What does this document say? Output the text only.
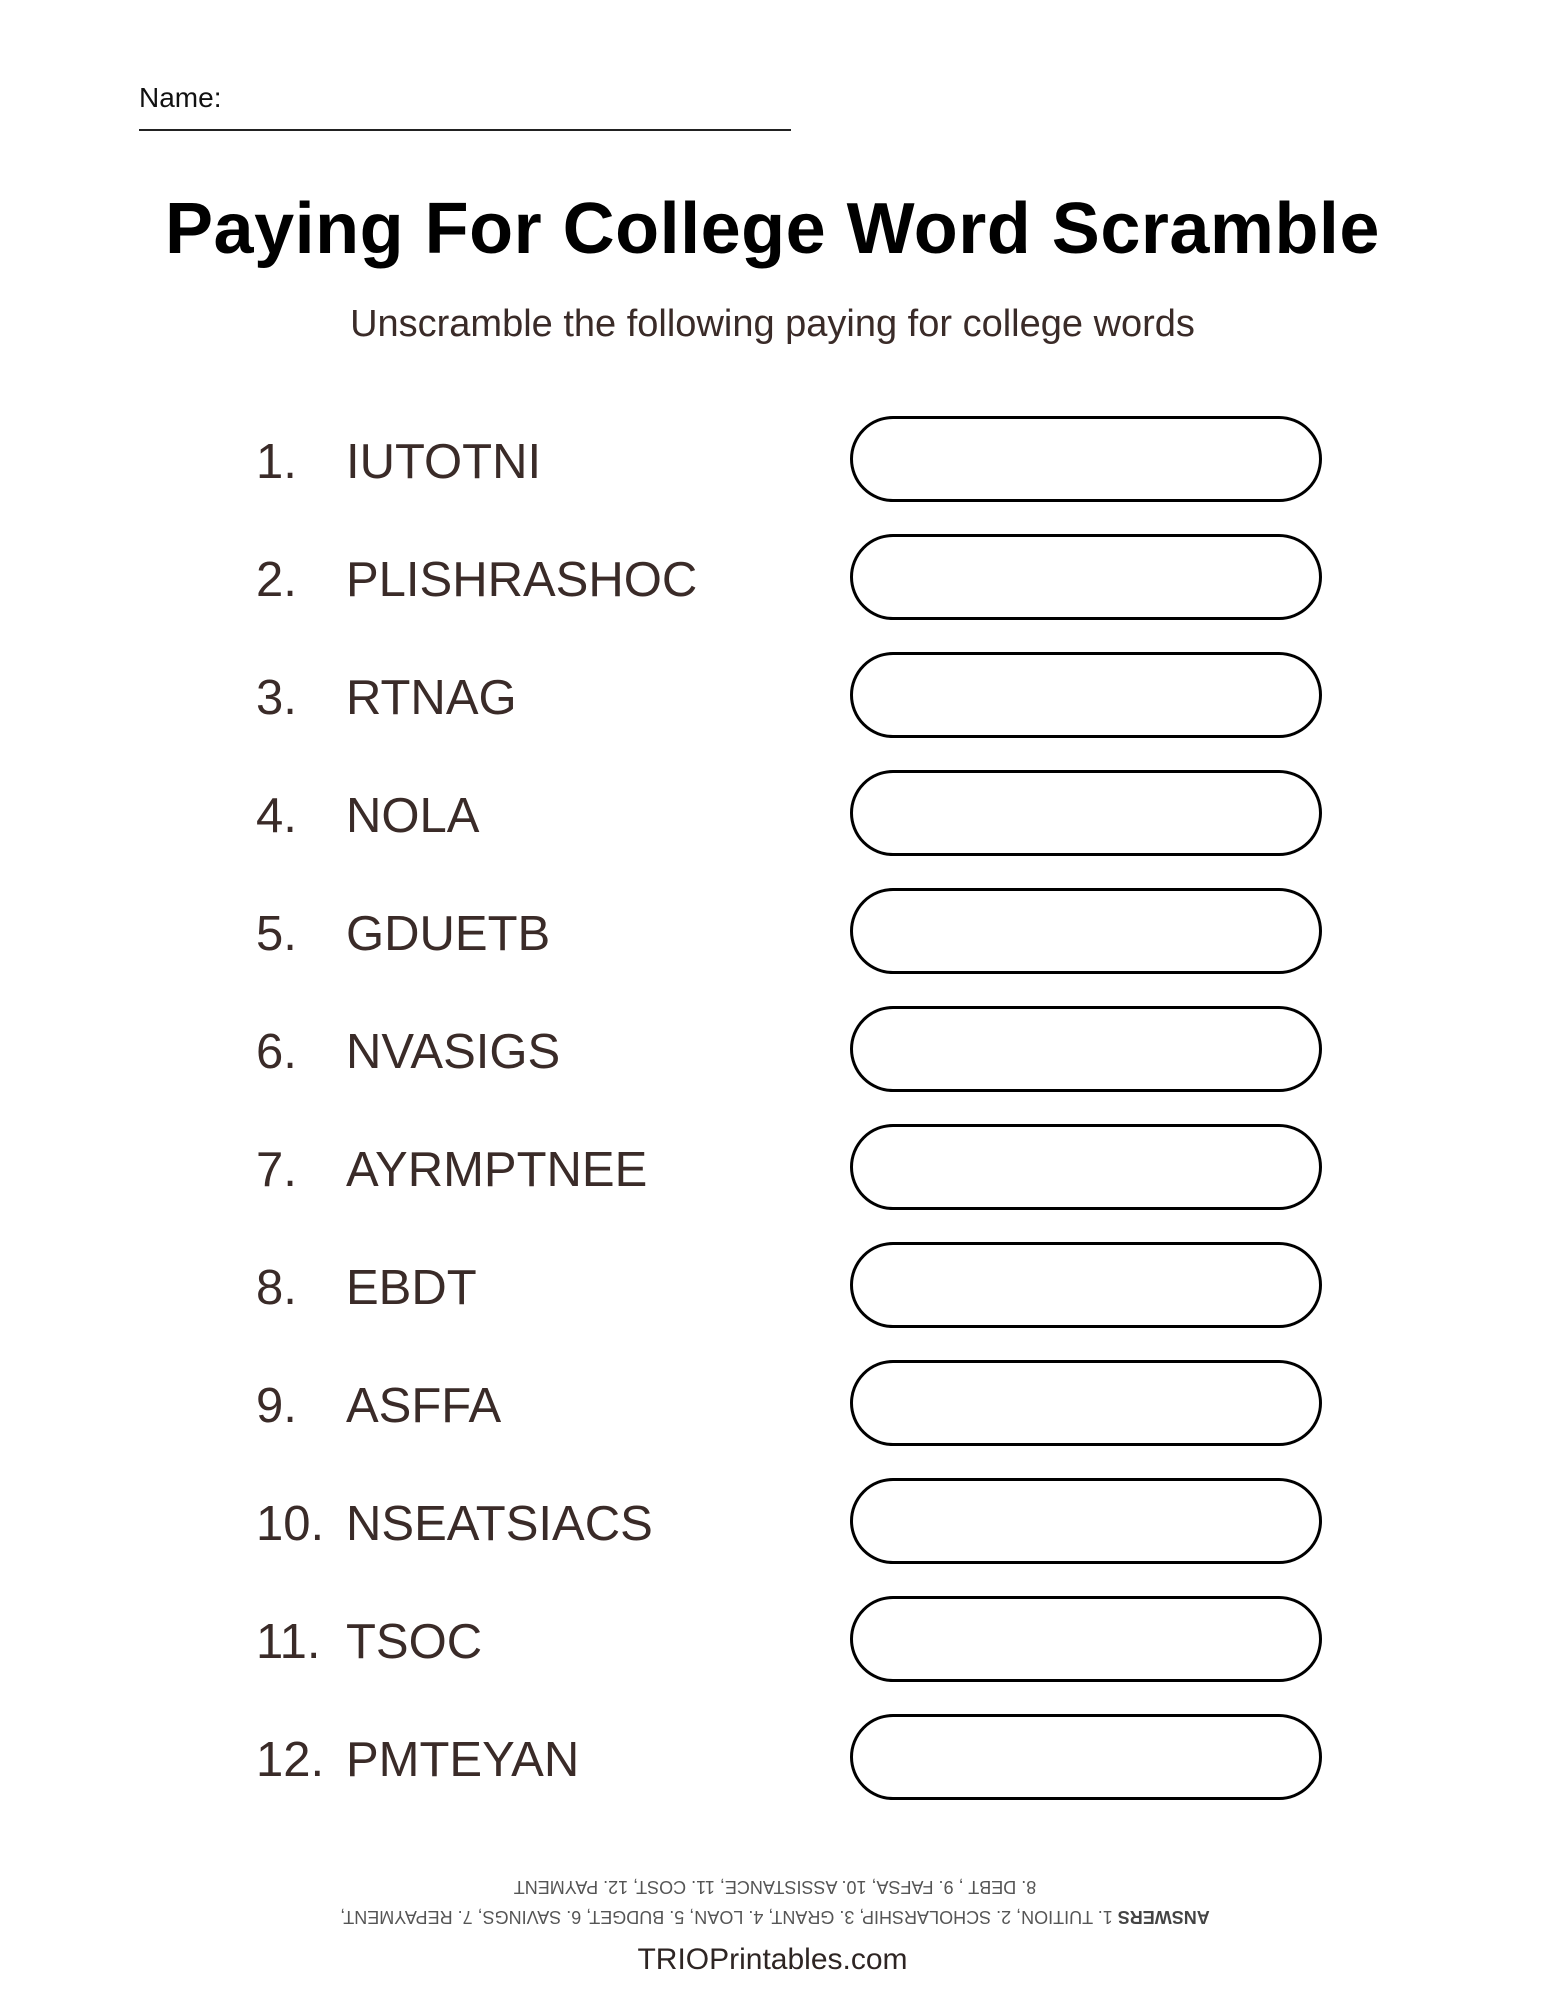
Name:
Paying For College Word Scramble
Unscramble the following paying for college words
1. IUTOTNI
2. PLISHRASHOC
3. RTNAG
4. NOLA
5. GDUETB
6. NVASIGS
7. AYRMPTNEE
8. EBDT
9. ASFFA
10. NSEATSIACS
11. TSOC
12. PMTEYAN
ANSWERS 1. TUITION, 2. SCHOLARSHIP, 3. GRANT, 4. LOAN, 5. BUDGET, 6. SAVINGS, 7. REPAYMENT,
8. DEBT , 9. FAFSA, 10. ASSISTANCE, 11. COST, 12. PAYMENT
TRIOPrintables.com
